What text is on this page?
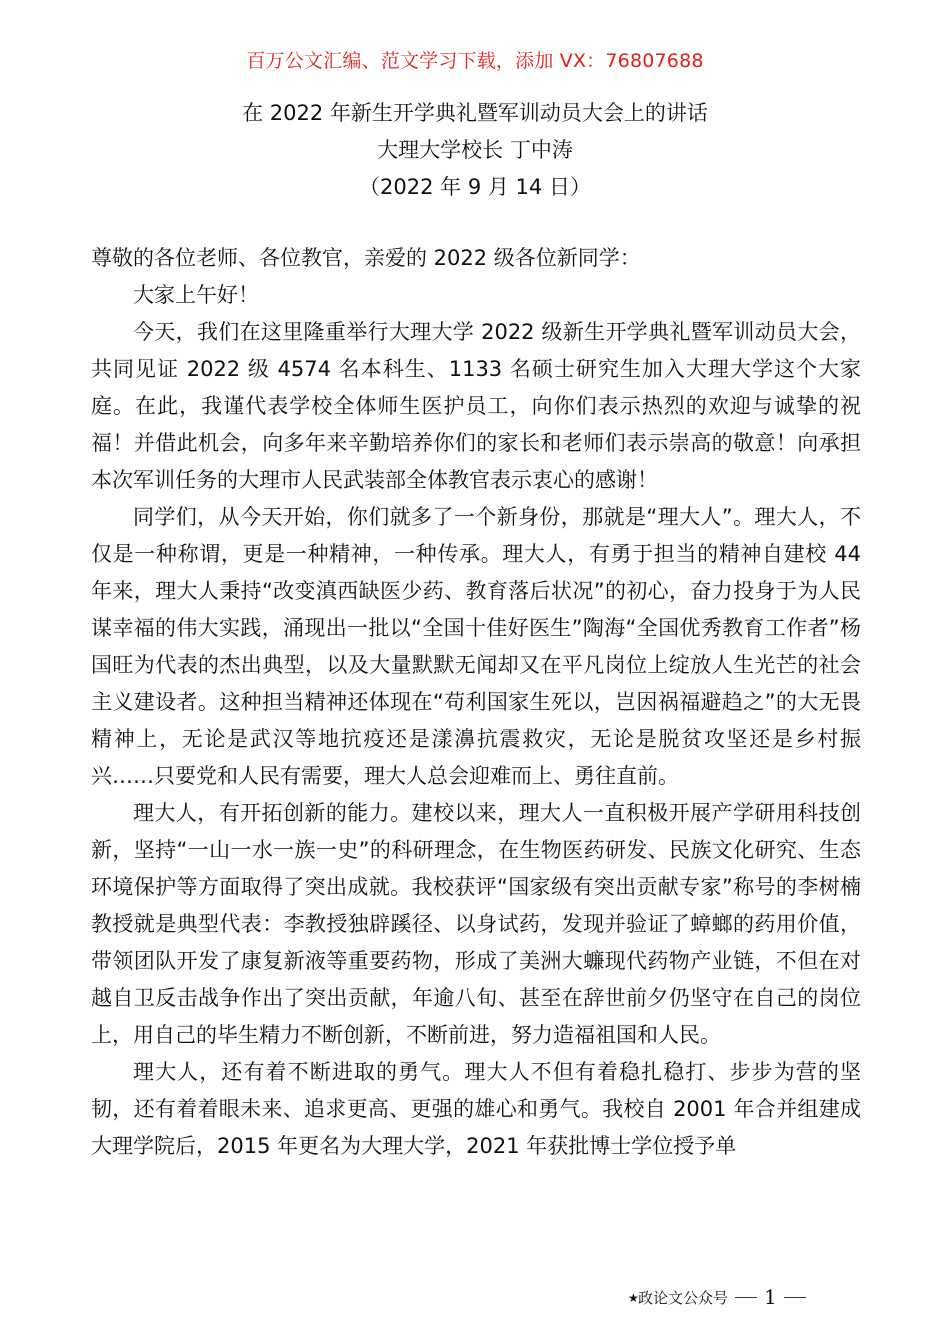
百万公文汇编、范文学习下载，添加 VX：76807688
在 2022 年新生开学典礼暨军训动员大会上的讲话
大理大学校长 丁中涛
（2022 年 9 月 14 日）

尊敬的各位老师、各位教官，亲爱的 2022 级各位新同学：

大家上午好！

今天，我们在这里隆重举行大理大学 2022 级新生开学典礼暨军训动员大会，共同见证 2022 级 4574 名本科生、1133 名硕士研究生加入大理大学这个大家庭。在此，我谨代表学校全体师生医护员工，向你们表示热烈的欢迎与诚挚的祝福！并借此机会，向多年来辛勤培养你们的家长和老师们表示崇高的敬意！向承担本次军训任务的大理市人民武装部全体教官表示衷心的感谢！

同学们，从今天开始，你们就多了一个新身份，那就是“理大人”。理大人，不仅是一种称谓，更是一种精神，一种传承。理大人，有勇于担当的精神自建校 44 年来，理大人秉持“改变滇西缺医少药、教育落后状况”的初心，奋力投身于为人民谋幸福的伟大实践，涌现出一批以“全国十佳好医生”陶海“全国优秀教育工作者”杨国旺为代表的杰出典型，以及大量默默无闻却又在平凡岗位上绽放人生光芒的社会主义建设者。这种担当精神还体现在“苟利国家生死以，岂因祸福避趋之”的大无畏精神上，无论是武汉等地抗疫还是漾濞抗震救灾，无论是脱贫攻坚还是乡村振兴……只要党和人民有需要，理大人总会迎难而上、勇往直前。

理大人，有开拓创新的能力。建校以来，理大人一直积极开展产学研用科技创新，坚持“一山一水一族一史”的科研理念，在生物医药研发、民族文化研究、生态环境保护等方面取得了突出成就。我校获评“国家级有突出贡献专家”称号的李树楠教授就是典型代表：李教授独辟蹊径、以身试药，发现并验证了蟑螂的药用价值，带领团队开发了康复新液等重要药物，形成了美洲大蠊现代药物产业链，不但在对越自卫反击战争作出了突出贡献，年逾八旬、甚至在辞世前夕仍坚守在自己的岗位上，用自己的毕生精力不断创新，不断前进，努力造福祖国和人民。

理大人，还有着不断进取的勇气。理大人不但有着稳扎稳打、步步为营的坚韧，还有着着眼未来、追求更高、更强的雄心和勇气。我校自 2001 年合并组建成大理学院后，2015 年更名为大理大学，2021 年获批博士学位授予单

★政论文公众号 1
